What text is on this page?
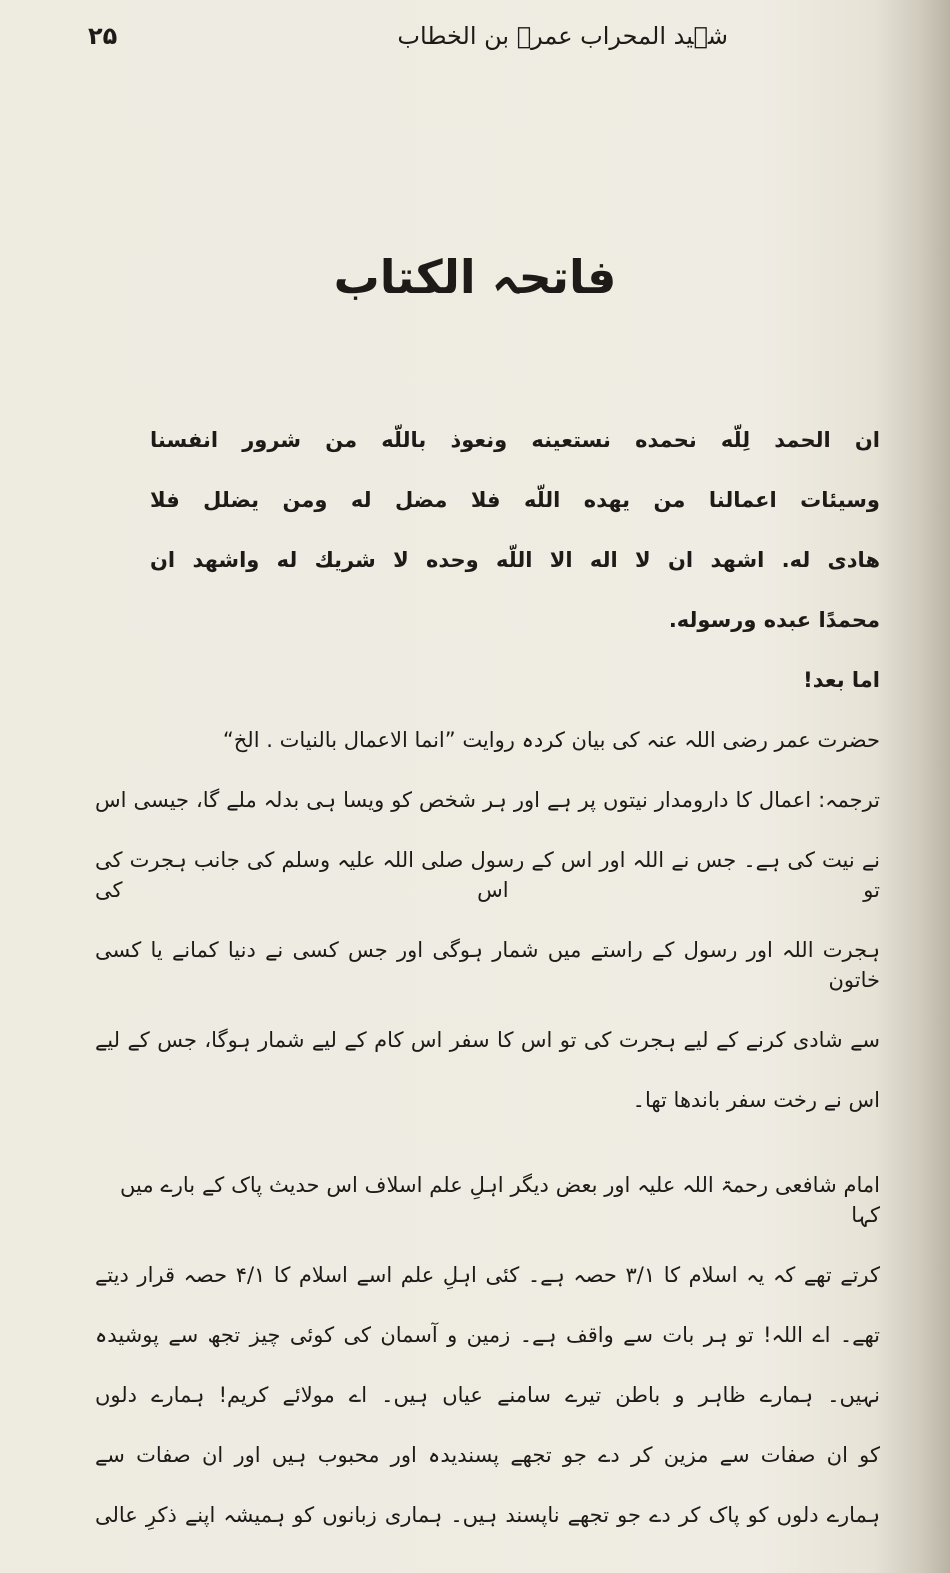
۲۵	شہید المحراب عمرؓ بن الخطاب
فاتحہ الکتاب
ان الحمد لِلّه نحمده نستعينه ونعوذ باللّه من شرور انفسنا
وسيئات اعمالنا من يهده اللّه فلا مضل له ومن يضلل فلا
هادى له. اشهد ان لا اله الا اللّه وحده لا شريك له واشهد ان
محمدًا عبده ورسوله.
اما بعد!
حضرت عمر رضی اللہ عنہ کی بیان کردہ روایت ”انما الاعمال بالنیات . الخ“
ترجمہ: اعمال کا دارومدار نیتوں پر ہے اور ہر شخص کو ویسا ہی بدلہ ملے گا، جیسی اس
نے نیت کی ہے۔ جس نے اللہ اور اس کے رسول صلی اللہ علیہ وسلم کی جانب ہجرت کی تو اس کی
ہجرت اللہ اور رسول کے راستے میں شمار ہوگی اور جس کسی نے دنیا کمانے یا کسی خاتون
سے شادی کرنے کے لیے ہجرت کی تو اس کا سفر اس کام کے لیے شمار ہوگا، جس کے لیے
اس نے رخت سفر باندھا تھا۔
امام شافعی رحمۃ اللہ علیہ اور بعض دیگر اہلِ علم اسلاف اس حدیث پاک کے بارے میں کہا
کرتے تھے کہ یہ اسلام کا ۳/۱ حصہ ہے۔ کئی اہلِ علم اسے اسلام کا ۴/۱ حصہ قرار دیتے
تھے۔ اے اللہ! تو ہر بات سے واقف ہے۔ زمین و آسمان کی کوئی چیز تجھ سے پوشیدہ
نہیں۔ ہمارے ظاہر و باطن تیرے سامنے عیاں ہیں۔ اے مولائے کریم! ہمارے دلوں
کو ان صفات سے مزین کر دے جو تجھے پسندیدہ اور محبوب ہیں اور ان صفات سے
ہمارے دلوں کو پاک کر دے جو تجھے ناپسند ہیں۔ ہماری زبانوں کو ہمیشہ اپنے ذکرِ عالی
